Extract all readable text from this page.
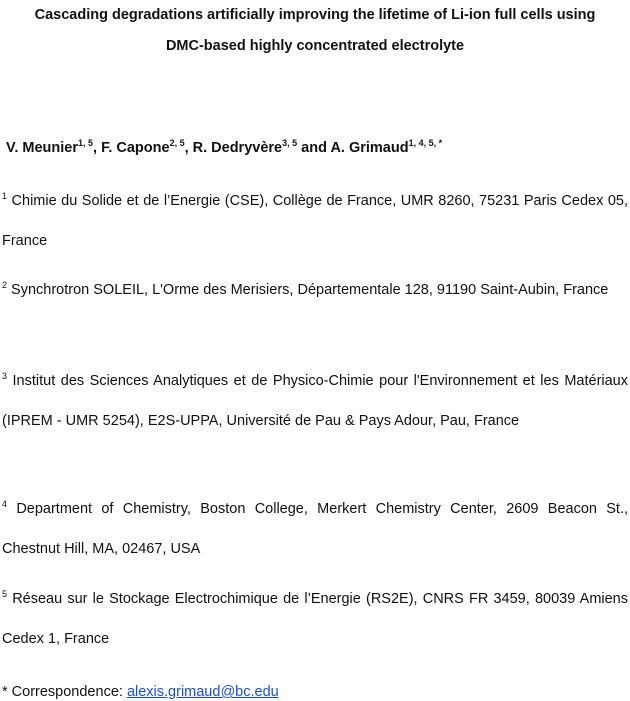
Cascading degradations artificially improving the lifetime of Li-ion full cells using
DMC-based highly concentrated electrolyte
V. Meunier$^{1, 5}$, F. Capone$^{2, 5}$, R. Dedryvère$^{3, 5}$ and A. Grimaud$^{1, 4, 5, *}$

$^1$ Chimie du Solide et de l’Energie (CSE), Collège de France, UMR 8260, 75231 Paris Cedex 05, France

$^2$ Synchrotron SOLEIL, L'Orme des Merisiers, Départementale 128, 91190 Saint-Aubin, France

$^3$ Institut des Sciences Analytiques et de Physico-Chimie pour l'Environnement et les Matériaux (IPREM - UMR 5254), E2S-UPPA, Université de Pau & Pays Adour, Pau, France

$^4$ Department of Chemistry, Boston College, Merkert Chemistry Center, 2609 Beacon St., Chestnut Hill, MA, 02467, USA

$^5$ Réseau sur le Stockage Electrochimique de l’Energie (RS2E), CNRS FR 3459, 80039 Amiens Cedex 1, France

* Correspondence: alexis.grimaud@bc.edu
